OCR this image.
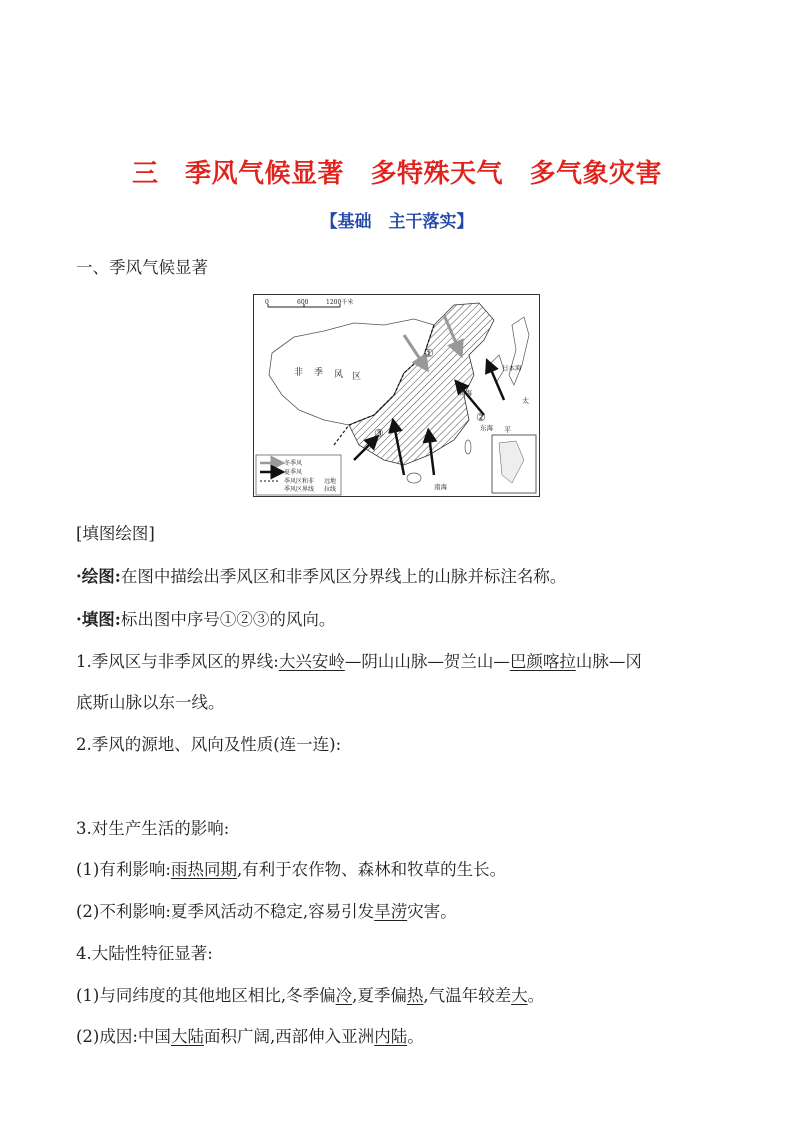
三　季风气候显著　多特殊天气　多气象灾害
【基础　主干落实】
一、季风气候显著
0	600	1200千米
非 季 风 区
日本海
黄海
东海
太
平
南海
①
②
③
冬季风
夏季风
季风区和非
季风区界线
远地
拉线
[填图绘图]
·绘图:在图中描绘出季风区和非季风区分界线上的山脉并标注名称。
·填图:标出图中序号①②③的风向。
1.季风区与非季风区的界线:大兴安岭—阴山山脉—贺兰山—巴颜喀拉山脉—冈
底斯山脉以东一线。
2.季风的源地、风向及性质(连一连):
3.对生产生活的影响:
(1)有利影响:雨热同期,有利于农作物、森林和牧草的生长。
(2)不利影响:夏季风活动不稳定,容易引发旱涝灾害。
4.大陆性特征显著:
(1)与同纬度的其他地区相比,冬季偏冷,夏季偏热,气温年较差大。
(2)成因:中国大陆面积广阔,西部伸入亚洲内陆。
